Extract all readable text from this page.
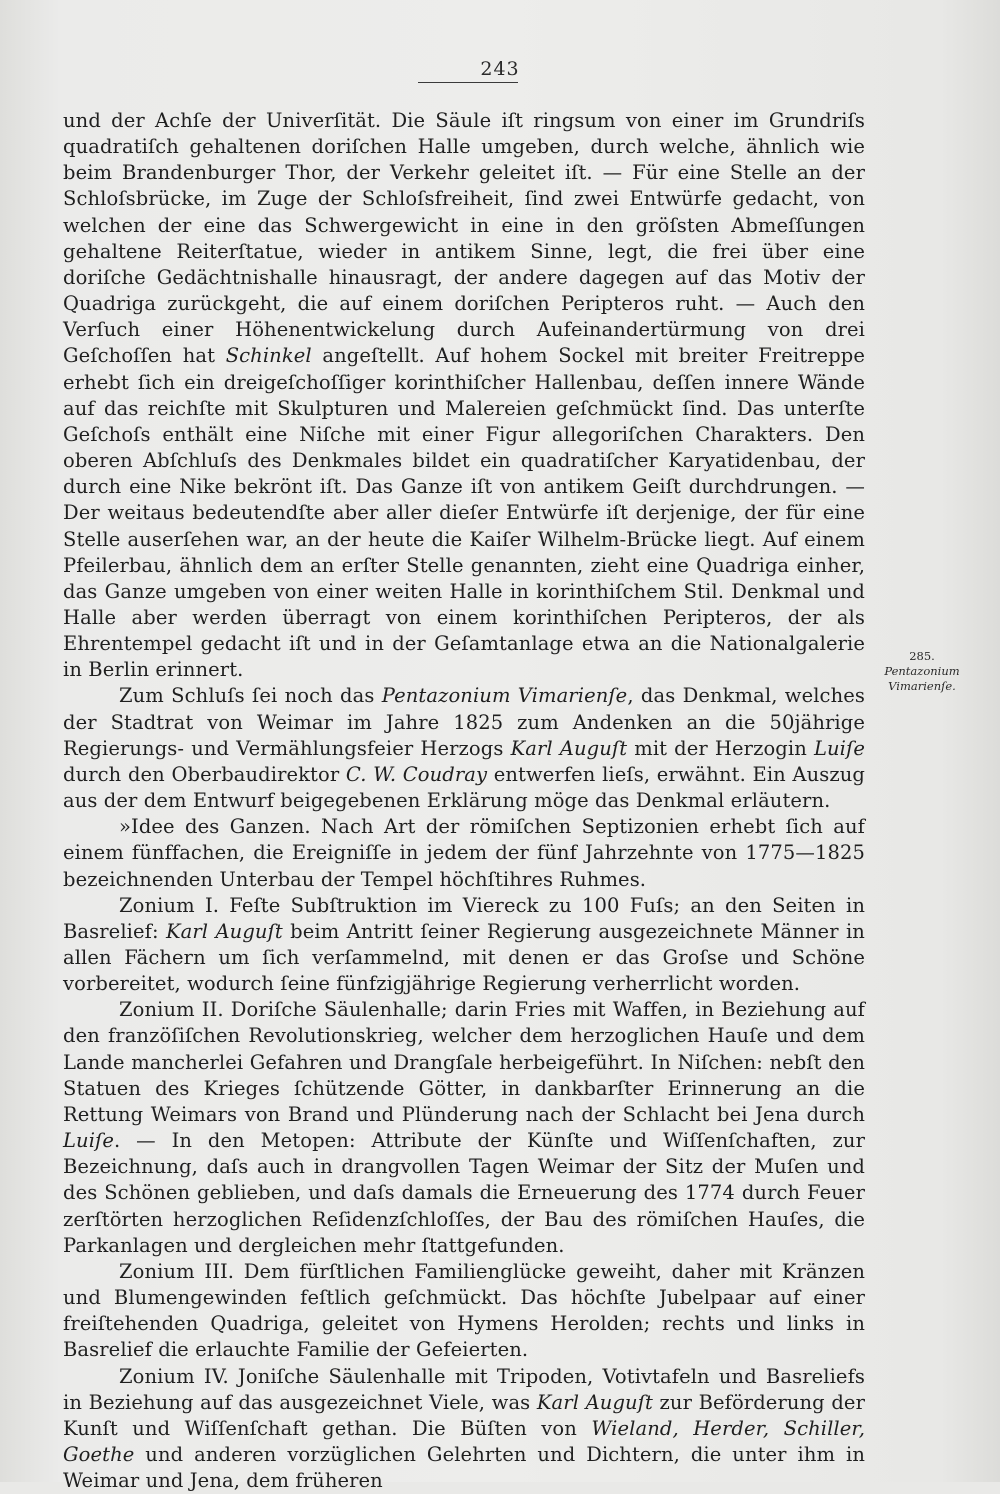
243

und der Achſe der Univerſität. Die Säule iſt ringsum von einer im Grundriſs quadratiſch gehaltenen doriſchen Halle umgeben, durch welche, ähnlich wie beim Brandenburger Thor, der Verkehr geleitet iſt. — Für eine Stelle an der Schloſsbrücke, im Zuge der Schloſsfreiheit, ſind zwei Entwürfe gedacht, von welchen der eine das Schwergewicht in eine in den gröſsten Abmeſſungen gehaltene Reiterſtatue, wieder in antikem Sinne, legt, die frei über eine doriſche Gedächtnishalle hinausragt, der andere dagegen auf das Motiv der Quadriga zurückgeht, die auf einem doriſchen Peripteros ruht. — Auch den Verſuch einer Höhenentwickelung durch Aufeinandertürmung von drei Geſchoſſen hat Schinkel angeſtellt. Auf hohem Sockel mit breiter Freitreppe erhebt ſich ein dreigeſchoſſiger korinthiſcher Hallenbau, deſſen innere Wände auf das reichſte mit Skulpturen und Malereien geſchmückt ſind. Das unterſte Geſchoſs enthält eine Niſche mit einer Figur allegoriſchen Charakters. Den oberen Abſchluſs des Denkmales bildet ein quadratiſcher Karyatidenbau, der durch eine Nike bekrönt iſt. Das Ganze iſt von antikem Geiſt durchdrungen. — Der weitaus bedeutendſte aber aller dieſer Entwürfe iſt derjenige, der für eine Stelle auserſehen war, an der heute die Kaiſer Wilhelm-Brücke liegt. Auf einem Pfeilerbau, ähnlich dem an erſter Stelle genannten, zieht eine Quadriga einher, das Ganze umgeben von einer weiten Halle in korinthiſchem Stil. Denkmal und Halle aber werden überragt von einem korinthiſchen Peripteros, der als Ehrentempel gedacht iſt und in der Geſamtanlage etwa an die Nationalgalerie in Berlin erinnert.

Zum Schluſs ſei noch das Pentazonium Vimarienſe, das Denkmal, welches der Stadtrat von Weimar im Jahre 1825 zum Andenken an die 50jährige Regierungs- und Vermählungsfeier Herzogs Karl Auguſt mit der Herzogin Luiſe durch den Oberbaudirektor C. W. Coudray entwerfen lieſs, erwähnt. Ein Auszug aus der dem Entwurf beigegebenen Erklärung möge das Denkmal erläutern.

»Idee des Ganzen. Nach Art der römiſchen Septizonien erhebt ſich auf einem fünffachen, die Ereigniſſe in jedem der fünf Jahrzehnte von 1775—1825 bezeichnenden Unterbau der Tempel höchſtihres Ruhmes.

Zonium I. Feſte Subſtruktion im Viereck zu 100 Fuſs; an den Seiten in Basrelief: Karl Auguſt beim Antritt ſeiner Regierung ausgezeichnete Männer in allen Fächern um ſich verſammelnd, mit denen er das Groſse und Schöne vorbereitet, wodurch ſeine fünfzigjährige Regierung verherrlicht worden.

Zonium II. Doriſche Säulenhalle; darin Fries mit Waffen, in Beziehung auf den franzöſiſchen Revolutionskrieg, welcher dem herzoglichen Hauſe und dem Lande mancherlei Gefahren und Drangſale herbeigeführt. In Niſchen: nebſt den Statuen des Krieges ſchützende Götter, in dankbarſter Erinnerung an die Rettung Weimars von Brand und Plünderung nach der Schlacht bei Jena durch Luiſe. — In den Metopen: Attribute der Künſte und Wiſſenſchaften, zur Bezeichnung, daſs auch in drangvollen Tagen Weimar der Sitz der Muſen und des Schönen geblieben, und daſs damals die Erneuerung des 1774 durch Feuer zerſtörten herzoglichen Reſidenzſchloſſes, der Bau des römiſchen Hauſes, die Parkanlagen und dergleichen mehr ſtattgefunden.

Zonium III. Dem fürſtlichen Familienglücke geweiht, daher mit Kränzen und Blumengewinden feſtlich geſchmückt. Das höchſte Jubelpaar auf einer freiſtehenden Quadriga, geleitet von Hymens Herolden; rechts und links in Basrelief die erlauchte Familie der Gefeierten.

Zonium IV. Joniſche Säulenhalle mit Tripoden, Votivtafeln und Basreliefs in Beziehung auf das ausgezeichnet Viele, was Karl Auguſt zur Beförderung der Kunſt und Wiſſenſchaft gethan. Die Büſten von Wieland, Herder, Schiller, Goethe und anderen vorzüglichen Gelehrten und Dichtern, die unter ihm in Weimar und Jena, dem früheren

285.
Pentazonium Vimarienſe.
